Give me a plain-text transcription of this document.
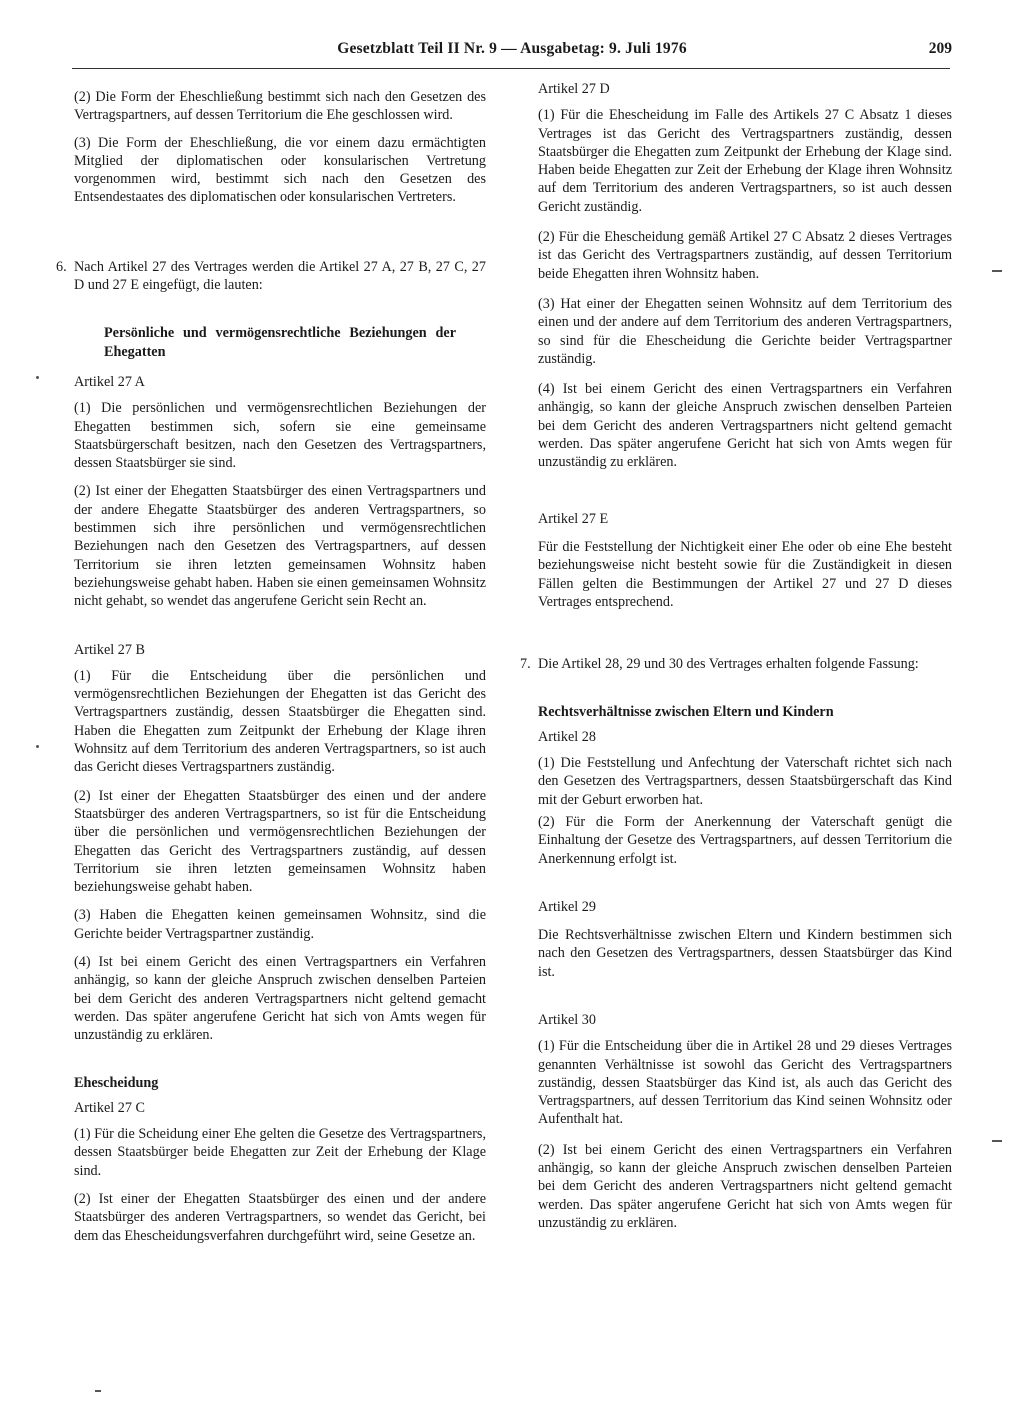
Gesetzblatt Teil II Nr. 9 — Ausgabetag: 9. Juli 1976	209

(2) Die Form der Eheschließung bestimmt sich nach den Gesetzen des Vertragspartners, auf dessen Territorium die Ehe geschlossen wird.

(3) Die Form der Eheschließung, die vor einem dazu ermächtigten Mitglied der diplomatischen oder konsularischen Vertretung vorgenommen wird, bestimmt sich nach den Gesetzen des Entsendestaates des diplomatischen oder konsularischen Vertreters.

6. Nach Artikel 27 des Vertrages werden die Artikel 27 A, 27 B, 27 C, 27 D und 27 E eingefügt, die lauten:

Persönliche und vermögensrechtliche Beziehungen der Ehegatten

Artikel 27 A

(1) Die persönlichen und vermögensrechtlichen Beziehungen der Ehegatten bestimmen sich, sofern sie eine gemeinsame Staatsbürgerschaft besitzen, nach den Gesetzen des Vertragspartners, dessen Staatsbürger sie sind.

(2) Ist einer der Ehegatten Staatsbürger des einen Vertragspartners und der andere Ehegatte Staatsbürger des anderen Vertragspartners, so bestimmen sich ihre persönlichen und vermögensrechtlichen Beziehungen nach den Gesetzen des Vertragspartners, auf dessen Territorium sie ihren letzten gemeinsamen Wohnsitz haben beziehungsweise gehabt haben. Haben sie einen gemeinsamen Wohnsitz nicht gehabt, so wendet das angerufene Gericht sein Recht an.

Artikel 27 B

(1) Für die Entscheidung über die persönlichen und vermögensrechtlichen Beziehungen der Ehegatten ist das Gericht des Vertragspartners zuständig, dessen Staatsbürger die Ehegatten sind. Haben die Ehegatten zum Zeitpunkt der Erhebung der Klage ihren Wohnsitz auf dem Territorium des anderen Vertragspartners, so ist auch das Gericht dieses Vertragspartners zuständig.

(2) Ist einer der Ehegatten Staatsbürger des einen und der andere Staatsbürger des anderen Vertragspartners, so ist für die Entscheidung über die persönlichen und vermögensrechtlichen Beziehungen der Ehegatten das Gericht des Vertragspartners zuständig, auf dessen Territorium sie ihren letzten gemeinsamen Wohnsitz haben beziehungsweise gehabt haben.

(3) Haben die Ehegatten keinen gemeinsamen Wohnsitz, sind die Gerichte beider Vertragspartner zuständig.

(4) Ist bei einem Gericht des einen Vertragspartners ein Verfahren anhängig, so kann der gleiche Anspruch zwischen denselben Parteien bei dem Gericht des anderen Vertragspartners nicht geltend gemacht werden. Das später angerufene Gericht hat sich von Amts wegen für unzuständig zu erklären.

Ehescheidung

Artikel 27 C

(1) Für die Scheidung einer Ehe gelten die Gesetze des Vertragspartners, dessen Staatsbürger beide Ehegatten zur Zeit der Erhebung der Klage sind.

(2) Ist einer der Ehegatten Staatsbürger des einen und der andere Staatsbürger des anderen Vertragspartners, so wendet das Gericht, bei dem das Ehescheidungsverfahren durchgeführt wird, seine Gesetze an.

Artikel 27 D

(1) Für die Ehescheidung im Falle des Artikels 27 C Absatz 1 dieses Vertrages ist das Gericht des Vertragspartners zuständig, dessen Staatsbürger die Ehegatten zum Zeitpunkt der Erhebung der Klage sind. Haben beide Ehegatten zur Zeit der Erhebung der Klage ihren Wohnsitz auf dem Territorium des anderen Vertragspartners, so ist auch dessen Gericht zuständig.

(2) Für die Ehescheidung gemäß Artikel 27 C Absatz 2 dieses Vertrages ist das Gericht des Vertragspartners zuständig, auf dessen Territorium beide Ehegatten ihren Wohnsitz haben.

(3) Hat einer der Ehegatten seinen Wohnsitz auf dem Territorium des einen und der andere auf dem Territorium des anderen Vertragspartners, so sind für die Ehescheidung die Gerichte beider Vertragspartner zuständig.

(4) Ist bei einem Gericht des einen Vertragspartners ein Verfahren anhängig, so kann der gleiche Anspruch zwischen denselben Parteien bei dem Gericht des anderen Vertragspartners nicht geltend gemacht werden. Das später angerufene Gericht hat sich von Amts wegen für unzuständig zu erklären.

Artikel 27 E

Für die Feststellung der Nichtigkeit einer Ehe oder ob eine Ehe besteht beziehungsweise nicht besteht sowie für die Zuständigkeit in diesen Fällen gelten die Bestimmungen der Artikel 27 und 27 D dieses Vertrages entsprechend.

7. Die Artikel 28, 29 und 30 des Vertrages erhalten folgende Fassung:

Rechtsverhältnisse zwischen Eltern und Kindern

Artikel 28

(1) Die Feststellung und Anfechtung der Vaterschaft richtet sich nach den Gesetzen des Vertragspartners, dessen Staatsbürgerschaft das Kind mit der Geburt erworben hat.

(2) Für die Form der Anerkennung der Vaterschaft genügt die Einhaltung der Gesetze des Vertragspartners, auf dessen Territorium die Anerkennung erfolgt ist.

Artikel 29

Die Rechtsverhältnisse zwischen Eltern und Kindern bestimmen sich nach den Gesetzen des Vertragspartners, dessen Staatsbürger das Kind ist.

Artikel 30

(1) Für die Entscheidung über die in Artikel 28 und 29 dieses Vertrages genannten Verhältnisse ist sowohl das Gericht des Vertragspartners zuständig, dessen Staatsbürger das Kind ist, als auch das Gericht des Vertragspartners, auf dessen Territorium das Kind seinen Wohnsitz oder Aufenthalt hat.

(2) Ist bei einem Gericht des einen Vertragspartners ein Verfahren anhängig, so kann der gleiche Anspruch zwischen denselben Parteien bei dem Gericht des anderen Vertragspartners nicht geltend gemacht werden. Das später angerufene Gericht hat sich von Amts wegen für unzuständig zu erklären.
